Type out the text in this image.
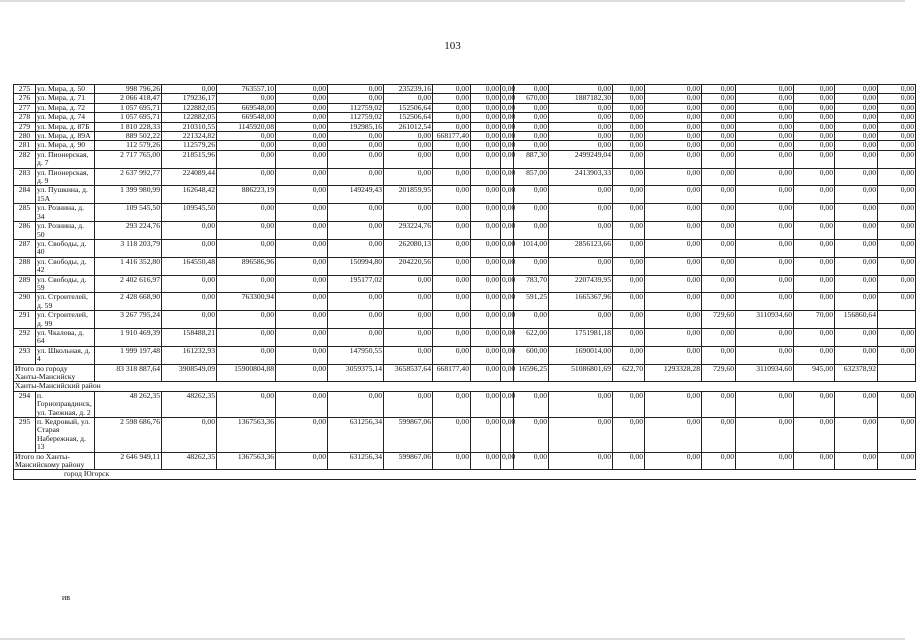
103
275	ул. Мира, д. 50	998 796,26	0,00	763557,10	0,00	0,00	235239,16	0,00	0,00	0,00	0,00	0,00	0,00	0,00	0,00	0,00	0,00	0,00	0,00
276	ул. Мира, д. 71	2 066 418,47	179236,17	0,00	0,00	0,00	0,00	0,00	0,00	0,00	670,00	1887182,30	0,00	0,00	0,00	0,00	0,00	0,00	0,00
277	ул. Мира, д. 72	1 057 695,71	122882,05	669548,00	0,00	112759,02	152506,64	0,00	0,00	0,00	0,00	0,00	0,00	0,00	0,00	0,00	0,00	0,00	0,00
278	ул. Мира, д. 74	1 057 695,71	122882,05	669548,00	0,00	112759,02	152506,64	0,00	0,00	0,00	0,00	0,00	0,00	0,00	0,00	0,00	0,00	0,00	0,00
279	ул. Мира, д. 87Б	1 810 228,33	210310,55	1145920,08	0,00	192985,16	261012,54	0,00	0,00	0,00	0,00	0,00	0,00	0,00	0,00	0,00	0,00	0,00	0,00
280	ул. Мира, д. 89А	889 502,22	221324,82	0,00	0,00	0,00	0,00	668177,40	0,00	0,00	0,00	0,00	0,00	0,00	0,00	0,00	0,00	0,00	0,00
281	ул. Мира, д. 90	112 579,26	112579,26	0,00	0,00	0,00	0,00	0,00	0,00	0,00	0,00	0,00	0,00	0,00	0,00	0,00	0,00	0,00	0,00
282	ул. Пионерская, д. 7	2 717 765,00	218515,96	0,00	0,00	0,00	0,00	0,00	0,00	0,00	887,30	2499249,04	0,00	0,00	0,00	0,00	0,00	0,00	0,00
283	ул. Пионерская, д. 9	2 637 992,77	224089,44	0,00	0,00	0,00	0,00	0,00	0,00	0,00	857,00	2413903,33	0,00	0,00	0,00	0,00	0,00	0,00	0,00
284	ул. Пушкина, д. 15А	1 399 980,99	162648,42	886223,19	0,00	149249,43	201859,95	0,00	0,00	0,00	0,00	0,00	0,00	0,00	0,00	0,00	0,00	0,00	0,00
285	ул. Рознина, д. 34	109 545,50	109545,50	0,00	0,00	0,00	0,00	0,00	0,00	0,00	0,00	0,00	0,00	0,00	0,00	0,00	0,00	0,00	0,00
286	ул. Рознина, д. 50	293 224,76	0,00	0,00	0,00	0,00	293224,76	0,00	0,00	0,00	0,00	0,00	0,00	0,00	0,00	0,00	0,00	0,00	0,00
287	ул. Свободы, д. 40	3 118 203,79	0,00	0,00	0,00	0,00	262080,13	0,00	0,00	0,00	1014,00	2856123,66	0,00	0,00	0,00	0,00	0,00	0,00	0,00
288	ул. Свободы, д. 42	1 416 352,80	164550,48	896586,96	0,00	150994,80	204220,56	0,00	0,00	0,00	0,00	0,00	0,00	0,00	0,00	0,00	0,00	0,00	0,00
289	ул. Свободы, д. 59	2 402 616,97	0,00	0,00	0,00	195177,02	0,00	0,00	0,00	0,00	783,70	2207439,95	0,00	0,00	0,00	0,00	0,00	0,00	0,00
290	ул. Строителей, д. 59	2 428 668,90	0,00	763300,94	0,00	0,00	0,00	0,00	0,00	0,00	591,25	1665367,96	0,00	0,00	0,00	0,00	0,00	0,00	0,00
291	ул. Строителей, д. 99	3 267 795,24	0,00	0,00	0,00	0,00	0,00	0,00	0,00	0,00	0,00	0,00	0,00	0,00	729,60	3110934,60	70,00	156860,64	
292	ул. Чкалова, д. 64	1 910 469,39	158488,21	0,00	0,00	0,00	0,00	0,00	0,00	0,00	622,00	1751981,18	0,00	0,00	0,00	0,00	0,00	0,00	0,00
293	ул. Школьная, д. 4	1 999 197,48	161232,93	0,00	0,00	147950,55	0,00	0,00	0,00	0,00	600,00	1690014,00	0,00	0,00	0,00	0,00	0,00	0,00	0,00
Итого по городу Ханты-Мансийску		83 318 887,64	3908549,09	15900804,88	0,00	3059375,14	3658537,64	668177,40	0,00	0,00	16596,25	51086801,69	622,70	1293328,28	729,60	3110934,60	945,00	632378,92	
Ханты-Мансийский район																			
294	п. Горноправдинск, ул. Таежная, д. 2	48 262,35	48262,35	0,00	0,00	0,00	0,00	0,00	0,00	0,00	0,00	0,00	0,00	0,00	0,00	0,00	0,00	0,00	0,00
295	п. Кедровый, ул. Старая Набережная, д. 13	2 598 686,76	0,00	1367563,36	0,00	631256,34	599867,06	0,00	0,00	0,00	0,00	0,00	0,00	0,00	0,00	0,00	0,00	0,00	0,00
Итого по Ханты-Мансийскому району		2 646 949,11	48262,35	1367563,36	0,00	631256,34	599867,06	0,00	0,00	0,00	0,00	0,00	0,00	0,00	0,00	0,00	0,00	0,00	0,00
город Югорск																			
ив
